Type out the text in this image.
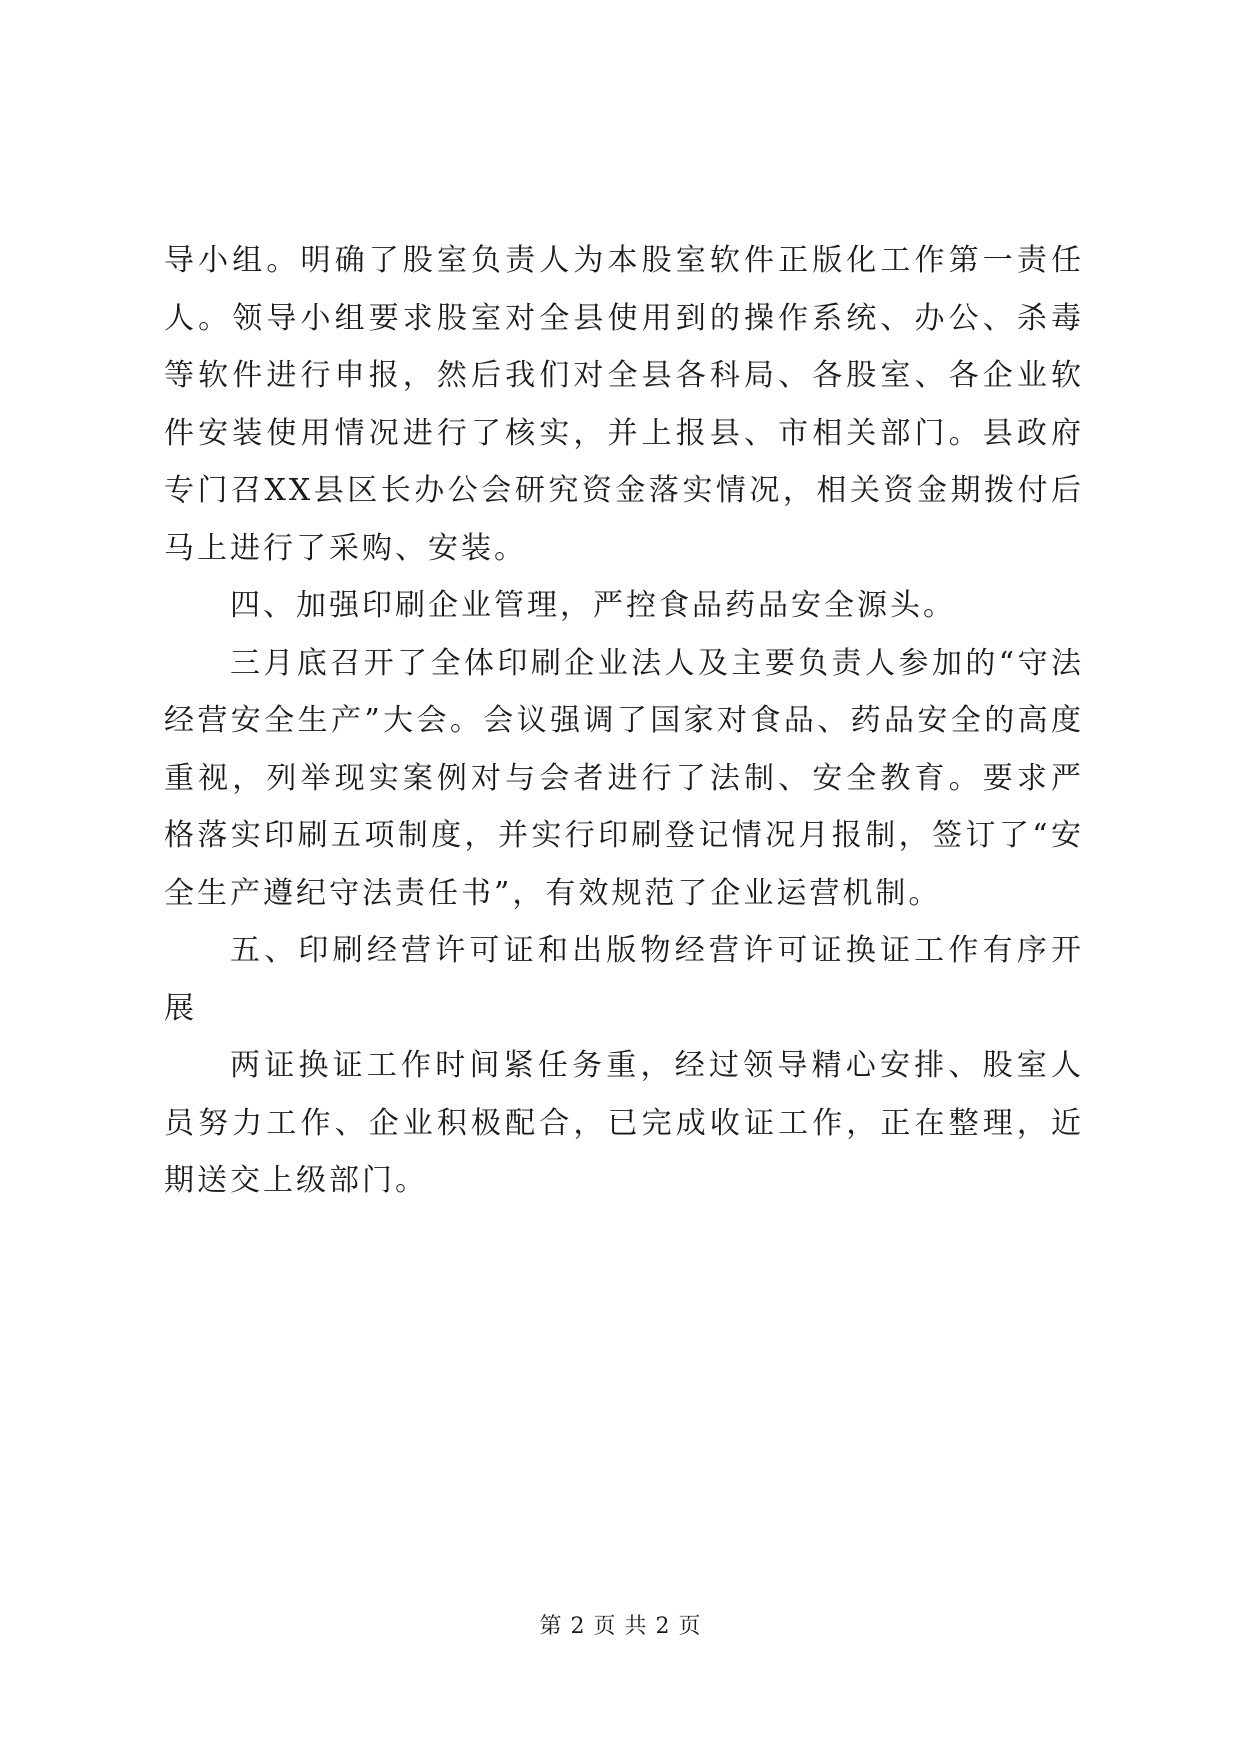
导小组。明确了股室负责人为本股室软件正版化工作第一责任人。领导小组要求股室对全县使用到的操作系统、办公、杀毒等软件进行申报，然后我们对全县各科局、各股室、各企业软件安装使用情况进行了核实，并上报县、市相关部门。县政府专门召XX县区长办公会研究资金落实情况，相关资金期拨付后马上进行了采购、安装。

四、加强印刷企业管理，严控食品药品安全源头。

三月底召开了全体印刷企业法人及主要负责人参加的“守法经营安全生产”大会。会议强调了国家对食品、药品安全的高度重视，列举现实案例对与会者进行了法制、安全教育。要求严格落实印刷五项制度，并实行印刷登记情况月报制，签订了“安全生产遵纪守法责任书”，有效规范了企业运营机制。

五、印刷经营许可证和出版物经营许可证换证工作有序开展

两证换证工作时间紧任务重，经过领导精心安排、股室人员努力工作、企业积极配合，已完成收证工作，正在整理，近期送交上级部门。

第 2 页 共 2 页
